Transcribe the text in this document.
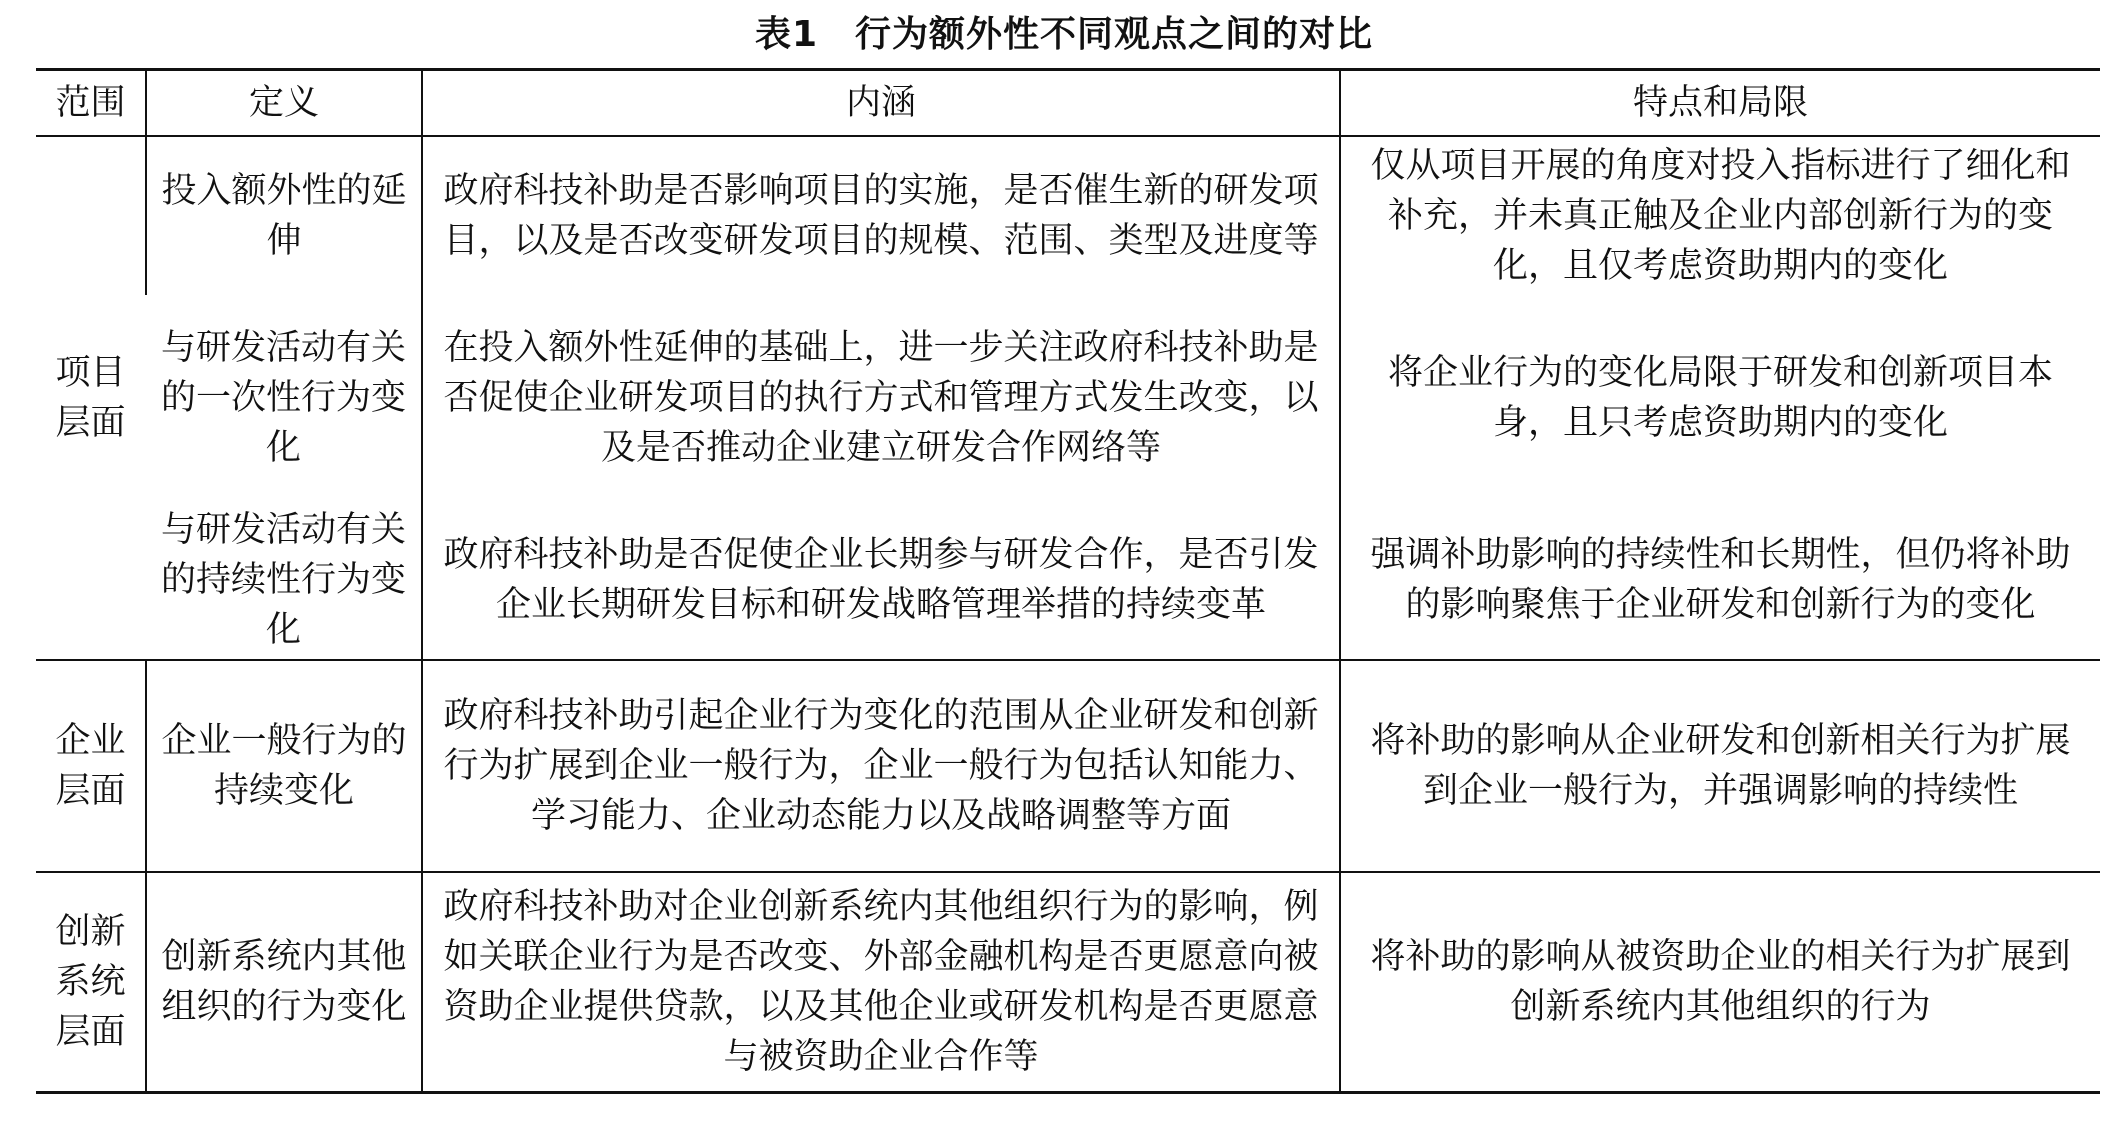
表1　行为额外性不同观点之间的对比
范围	定义	内涵	特点和局限
项目层面	投入额外性的延伸	政府科技补助是否影响项目的实施，是否催生新的研发项目，以及是否改变研发项目的规模、范围、类型及进度等	仅从项目开展的角度对投入指标进行了细化和补充，并未真正触及企业内部创新行为的变化，且仅考虑资助期内的变化

	与研发活动有关的一次性行为变化	在投入额外性延伸的基础上，进一步关注政府科技补助是否促使企业研发项目的执行方式和管理方式发生改变，以及是否推动企业建立研发合作网络等	将企业行为的变化局限于研发和创新项目本身，且只考虑资助期内的变化

	与研发活动有关的持续性行为变化	政府科技补助是否促使企业长期参与研发合作，是否引发企业长期研发目标和研发战略管理举措的持续变革	强调补助影响的持续性和长期性，但仍将补助的影响聚焦于企业研发和创新行为的变化

企业层面	企业一般行为的持续变化	政府科技补助引起企业行为变化的范围从企业研发和创新行为扩展到企业一般行为，企业一般行为包括认知能力、学习能力、企业动态能力以及战略调整等方面	将补助的影响从企业研发和创新相关行为扩展到企业一般行为，并强调影响的持续性

创新系统层面	创新系统内其他组织的行为变化	政府科技补助对企业创新系统内其他组织行为的影响，例如关联企业行为是否改变、外部金融机构是否更愿意向被资助企业提供贷款，以及其他企业或研发机构是否更愿意与被资助企业合作等	将补助的影响从被资助企业的相关行为扩展到创新系统内其他组织的行为
